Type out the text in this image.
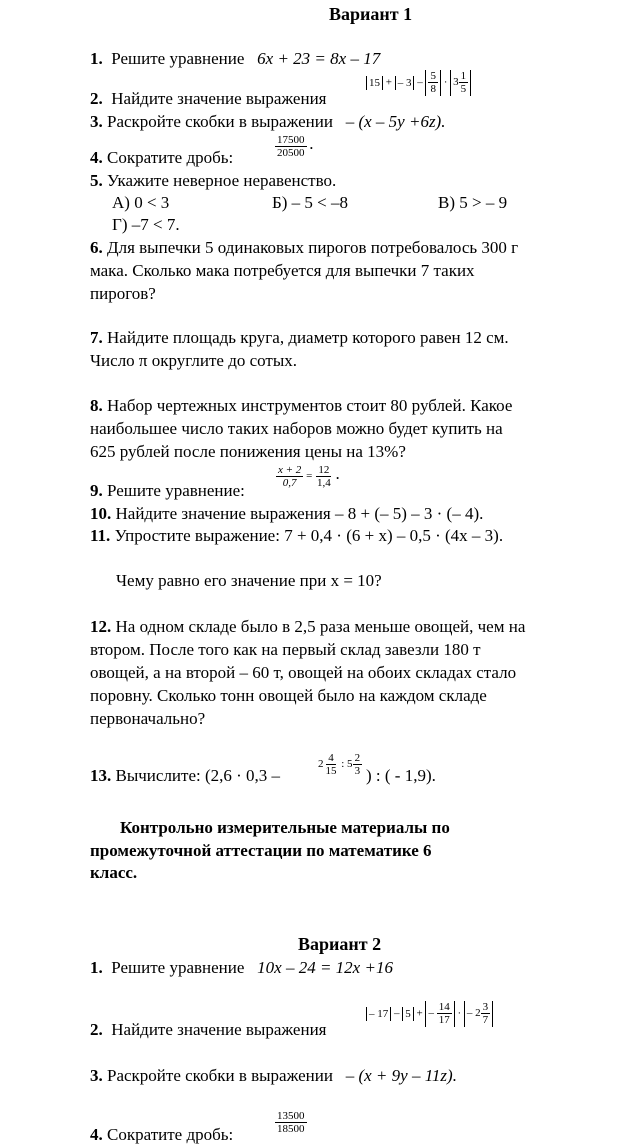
Вариант 1
1. Решите уравнение 6x + 23 = 8x – 17
2. Найдите значение выражения
15 + – $3 - \frac{5}{8} \cdot 3 \frac{1}{5}$
3. Раскройте скобки в выражении – (x – 5y +6z).
4. Сократите дробь:	$\frac{17500}{20500}$ .
5. Укажите неверное неравенство.
А) 0 < 3	Б) – 5 < –8	В) 5 > – 9
Г) –7 < 7.
6. Для выпечки 5 одинаковых пирогов потребовалось 300 г
мака. Сколько мака потребуется для выпечки 7 таких
пирогов?
7. Найдите площадь круга, диаметр которого равен 12 см.
Число π округлите до сотых.
8. Набор чертежных инструментов стоит 80 рублей. Какое
наибольшее число таких наборов можно будет купить на
625 рублей после понижения цены на 13%?
9. Решите уравнение:
$\frac{x + 2}{0,7} = \frac{12}{1,4}$ .
10. Найдите значение выражения – 8 + (– 5) – 3 · (– 4).
11. Упростите выражение: 7 + 0,4 · (6 + x) – 0,5 · (4x – 3).
Чему равно его значение при x = 10?
12. На одном складе было в 2,5 раза меньше овощей, чем на
втором. После того как на первый склад завезли 180 т
овощей, а на второй – 60 т, овощей на обоих складах стало
поровну. Сколько тонн овощей было на каждом складе
первоначально?
13. Вычислите: (2,6 · 0,3 –
$2 \frac{4}{15}$ : $5 \frac{2}{3}$ ) : ( - 1,9).
Контрольно измерительные материалы по
промежуточной аттестации по математике 6
класс.
Вариант 2
1. Решите уравнение 10x – 24 = 12x +16
2. Найдите значение выражения
– 17 – 5 + – $\frac{14}{17}$ · – $2 \frac{3}{7}$
3. Раскройте скобки в выражении – (x + 9y – 11z).
4. Сократите дробь:	$\frac{13500}{18500}$
